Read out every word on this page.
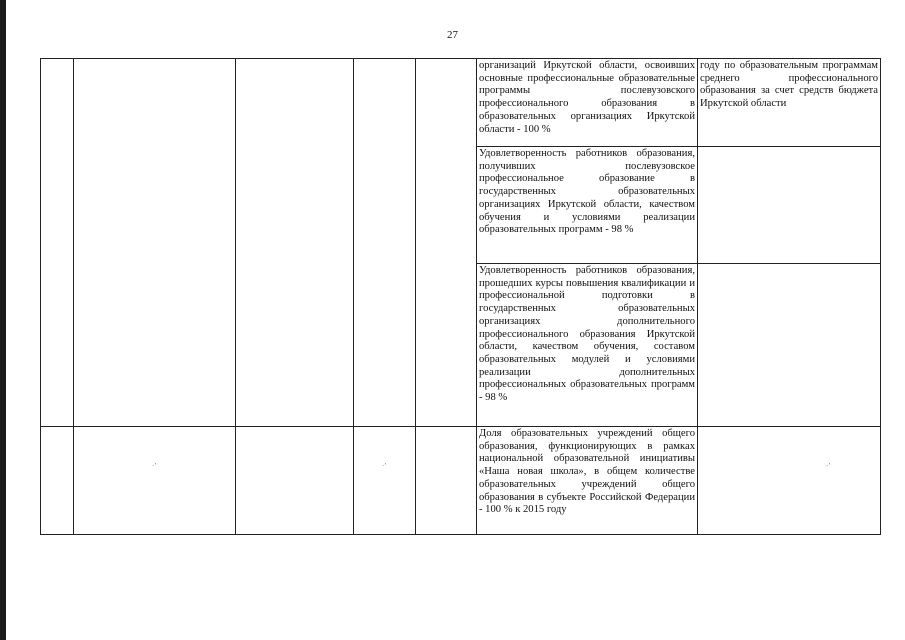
27
					организаций Иркутской области, освоивших основные профессиональные образовательные программы послевузовского профессионального образования в образовательных организациях Иркутской области - 100 %	году по образовательным программам среднего профессионального образования за счет средств бюджета Иркутской области
					Удовлетворенность работников образования, получивших послевузовское профессиональное образование в государственных образовательных организациях Иркутской области, качеством обучения и условиями реализации образовательных программ - 98 %	
					Удовлетворенность работников образования, прошедших курсы повышения квалификации и профессиональной подготовки в государственных образовательных организациях дополнительного профессионального образования Иркутской области, качеством обучения, составом образовательных модулей и условиями реализации дополнительных профессиональных образовательных программ - 98 %	

	·ʼ		·ʼ		Доля образовательных учреждений общего образования, функционирующих в рамках национальной образовательной инициативы «Наша новая школа», в общем количестве образовательных учреждений общего образования в субъекте Российской Федерации - 100 % к 2015 году	·ʼ
